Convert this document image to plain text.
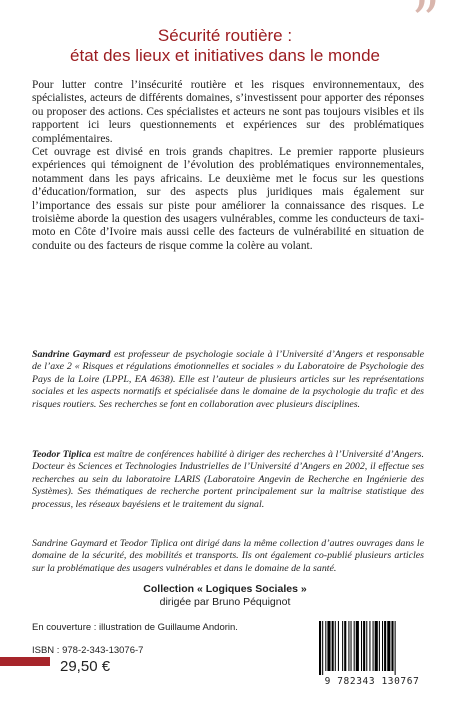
”
Sécurité routière :
état des lieux et initiatives dans le monde

Pour lutter contre l’insécurité routière et les risques environnementaux, des spécialistes, acteurs de différents domaines, s’investissent pour apporter des réponses ou proposer des actions. Ces spécialistes et acteurs ne sont pas toujours visibles et ils rapportent ici leurs questionnements et expériences sur des problématiques complémentaires.

Cet ouvrage est divisé en trois grands chapitres. Le premier rapporte plusieurs expériences qui témoignent de l’évolution des problématiques environnementales, notamment dans les pays africains. Le deuxième met le focus sur les questions d’éducation/formation, sur des aspects plus juridiques mais également sur l’importance des essais sur piste pour améliorer la connaissance des risques. Le troisième aborde la question des usagers vulnérables, comme les conducteurs de taxi-moto en Côte d’Ivoire mais aussi celle des facteurs de vulnérabilité en situation de conduite ou des facteurs de risque comme la colère au volant.

Sandrine Gaymard est professeur de psychologie sociale à l’Université d’Angers et responsable de l’axe 2 « Risques et régulations émotionnelles et sociales » du Laboratoire de Psychologie des Pays de la Loire (LPPL, EA 4638). Elle est l’auteur de plusieurs articles sur les représentations sociales et les aspects normatifs et spécialisée dans le domaine de la psychologie du trafic et des risques routiers. Ses recherches se font en collaboration avec plusieurs disciplines.

Teodor Tiplica est maître de conférences habilité à diriger des recherches à l’Université d’Angers. Docteur ès Sciences et Technologies Industrielles de l’Université d’Angers en 2002, il effectue ses recherches au sein du laboratoire LARIS (Laboratoire Angevin de Recherche en Ingénierie des Systèmes). Ses thématiques de recherche portent principalement sur la maîtrise statistique des processus, les réseaux bayésiens et le traitement du signal.

Sandrine Gaymard et Teodor Tiplica ont dirigé dans la même collection d’autres ouvrages dans le domaine de la sécurité, des mobilités et transports. Ils ont également co-publié plusieurs articles sur la problématique des usagers vulnérables et dans le domaine de la santé.

Collection « Logiques Sociales »
dirigée par Bruno Péquignot
En couverture : illustration de Guillaume Andorin.
ISBN : 978-2-343-13076-7
29,50 €
9 782343 130767
